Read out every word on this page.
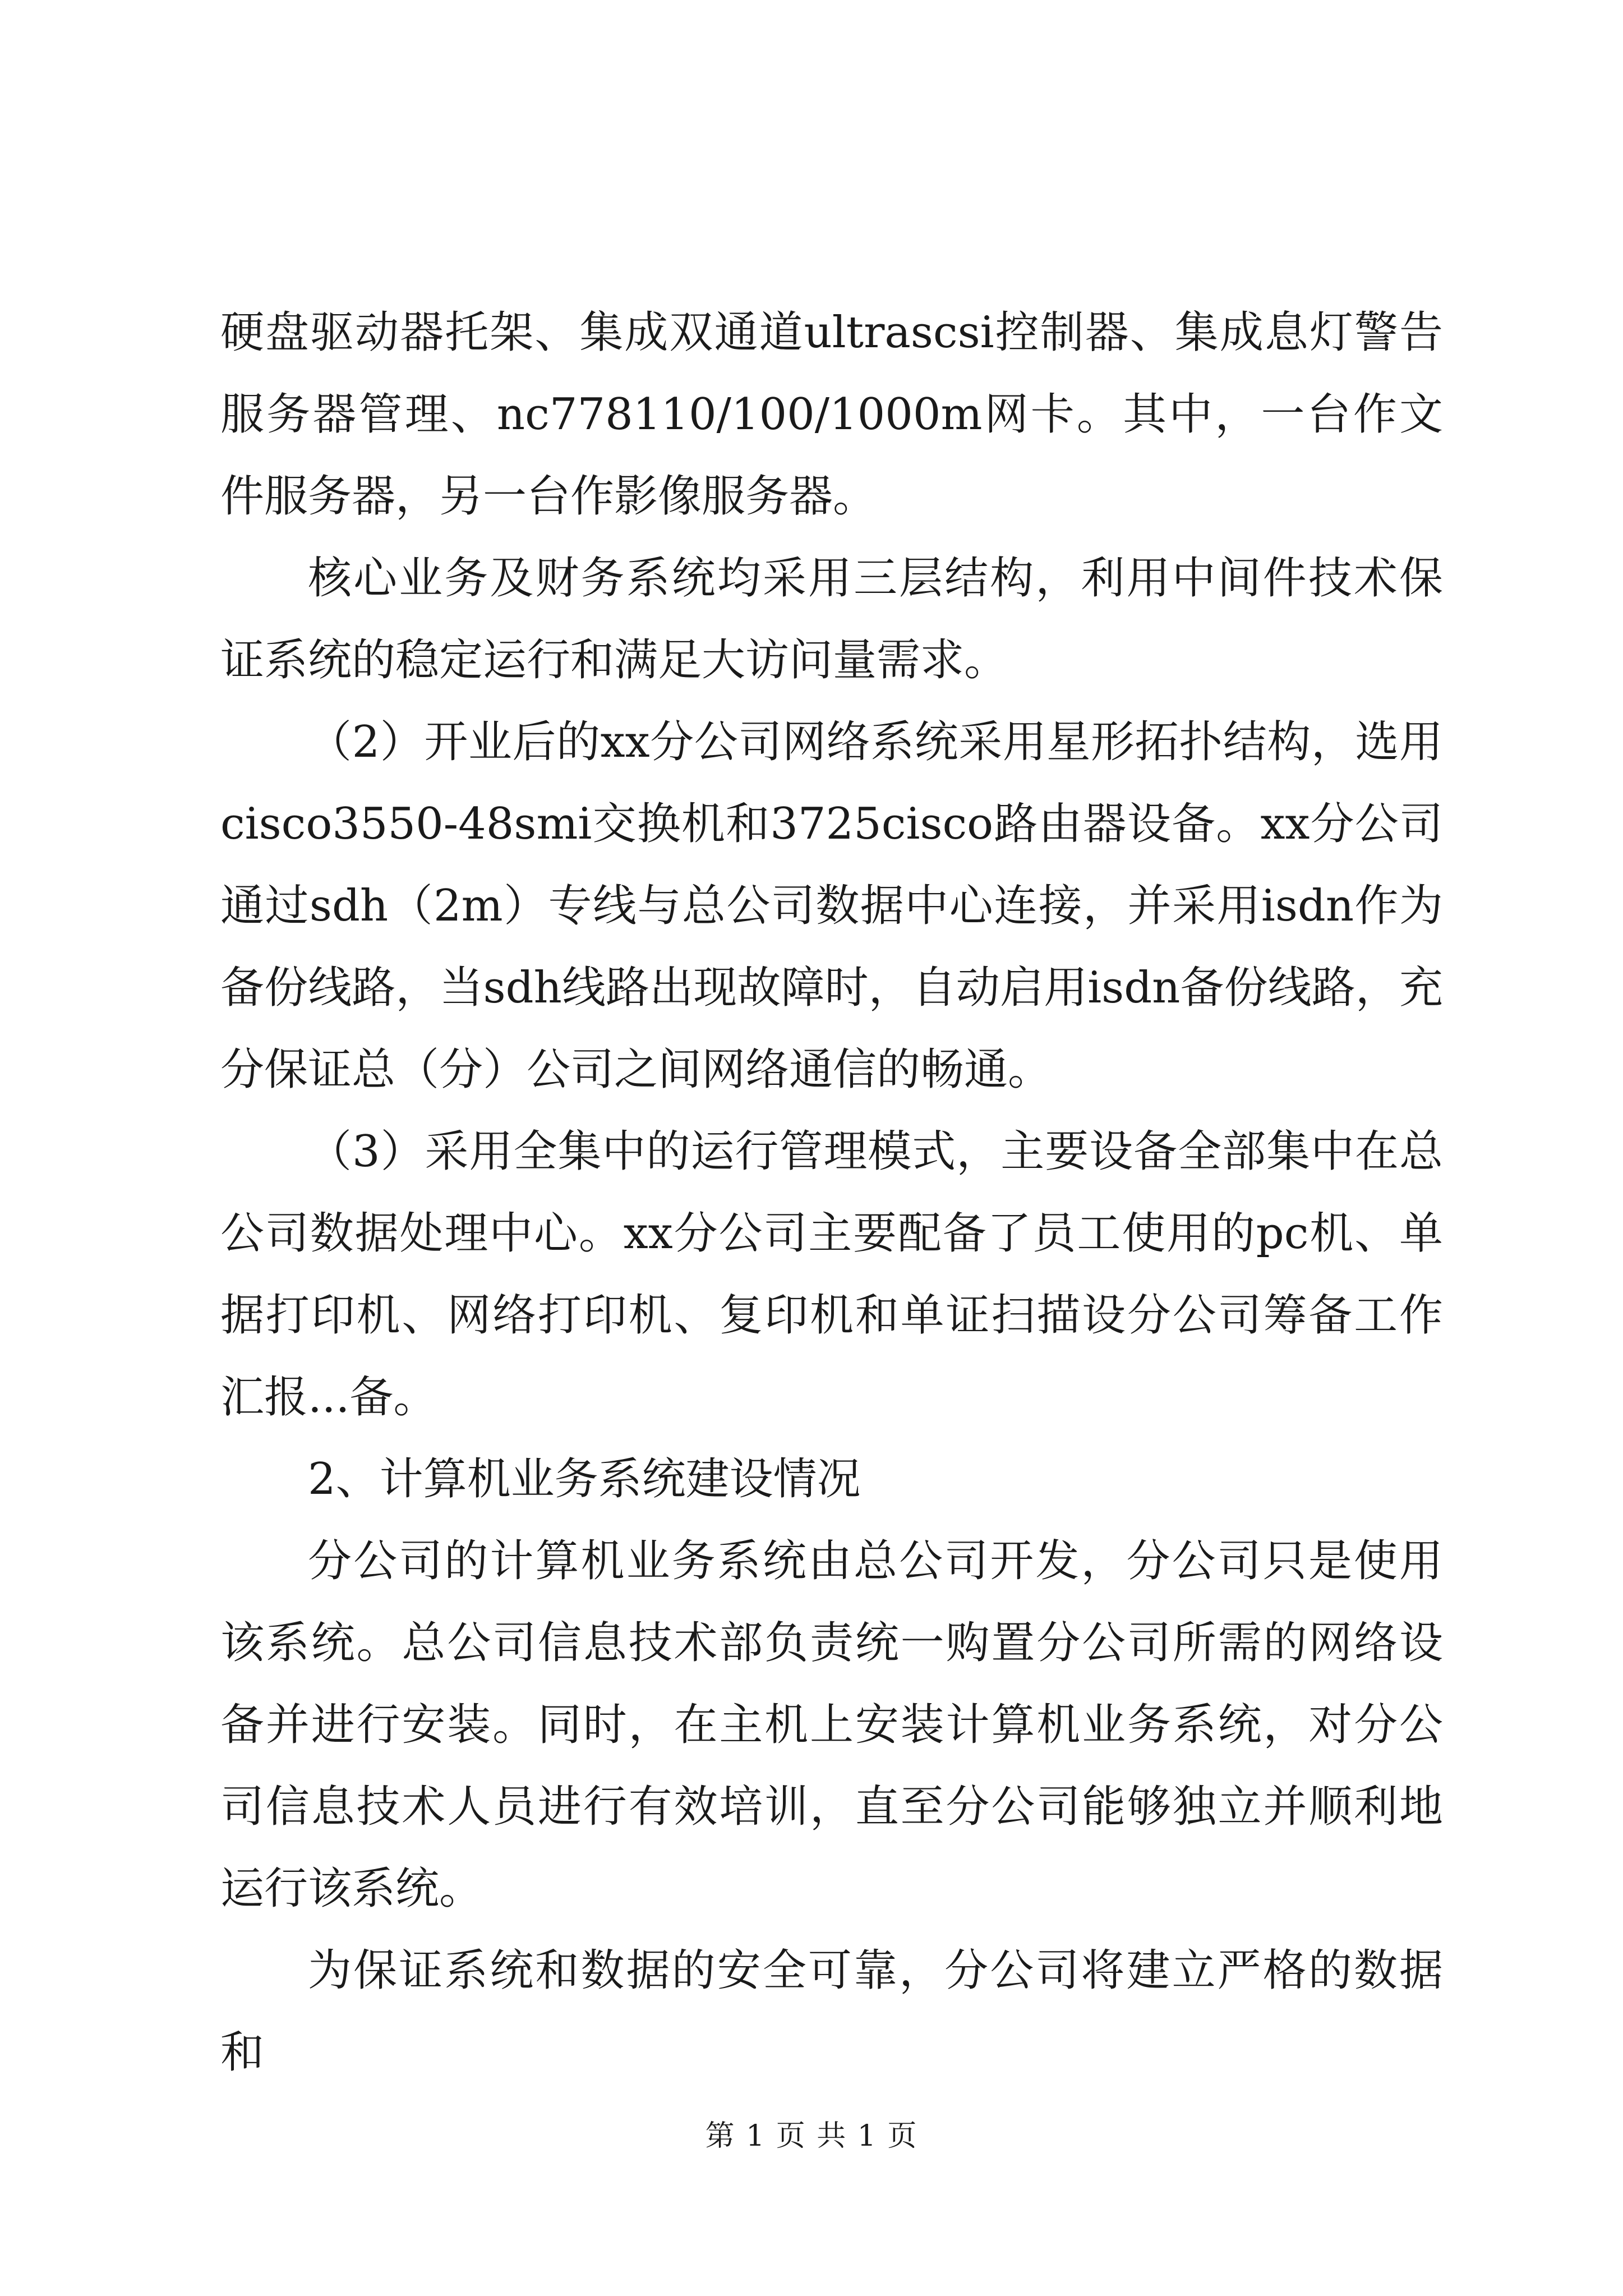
硬盘驱动器托架、集成双通道ultrascsi控制器、集成息灯警告服务器管理、nc778110/100/1000m网卡。其中，一台作文件服务器，另一台作影像服务器。

核心业务及财务系统均采用三层结构，利用中间件技术保证系统的稳定运行和满足大访问量需求。

（2）开业后的xx分公司网络系统采用星形拓扑结构，选用cisco3550-48smi交换机和3725cisco路由器设备。xx分公司通过sdh（2m）专线与总公司数据中心连接，并采用isdn作为备份线路，当sdh线路出现故障时，自动启用isdn备份线路，充分保证总（分）公司之间网络通信的畅通。

（3）采用全集中的运行管理模式，主要设备全部集中在总公司数据处理中心。xx分公司主要配备了员工使用的pc机、单据打印机、网络打印机、复印机和单证扫描设分公司筹备工作汇报...备。

2、计算机业务系统建设情况

分公司的计算机业务系统由总公司开发，分公司只是使用该系统。总公司信息技术部负责统一购置分公司所需的网络设备并进行安装。同时，在主机上安装计算机业务系统，对分公司信息技术人员进行有效培训，直至分公司能够独立并顺利地运行该系统。

为保证系统和数据的安全可靠，分公司将建立严格的数据和

第 1 页 共 1 页
